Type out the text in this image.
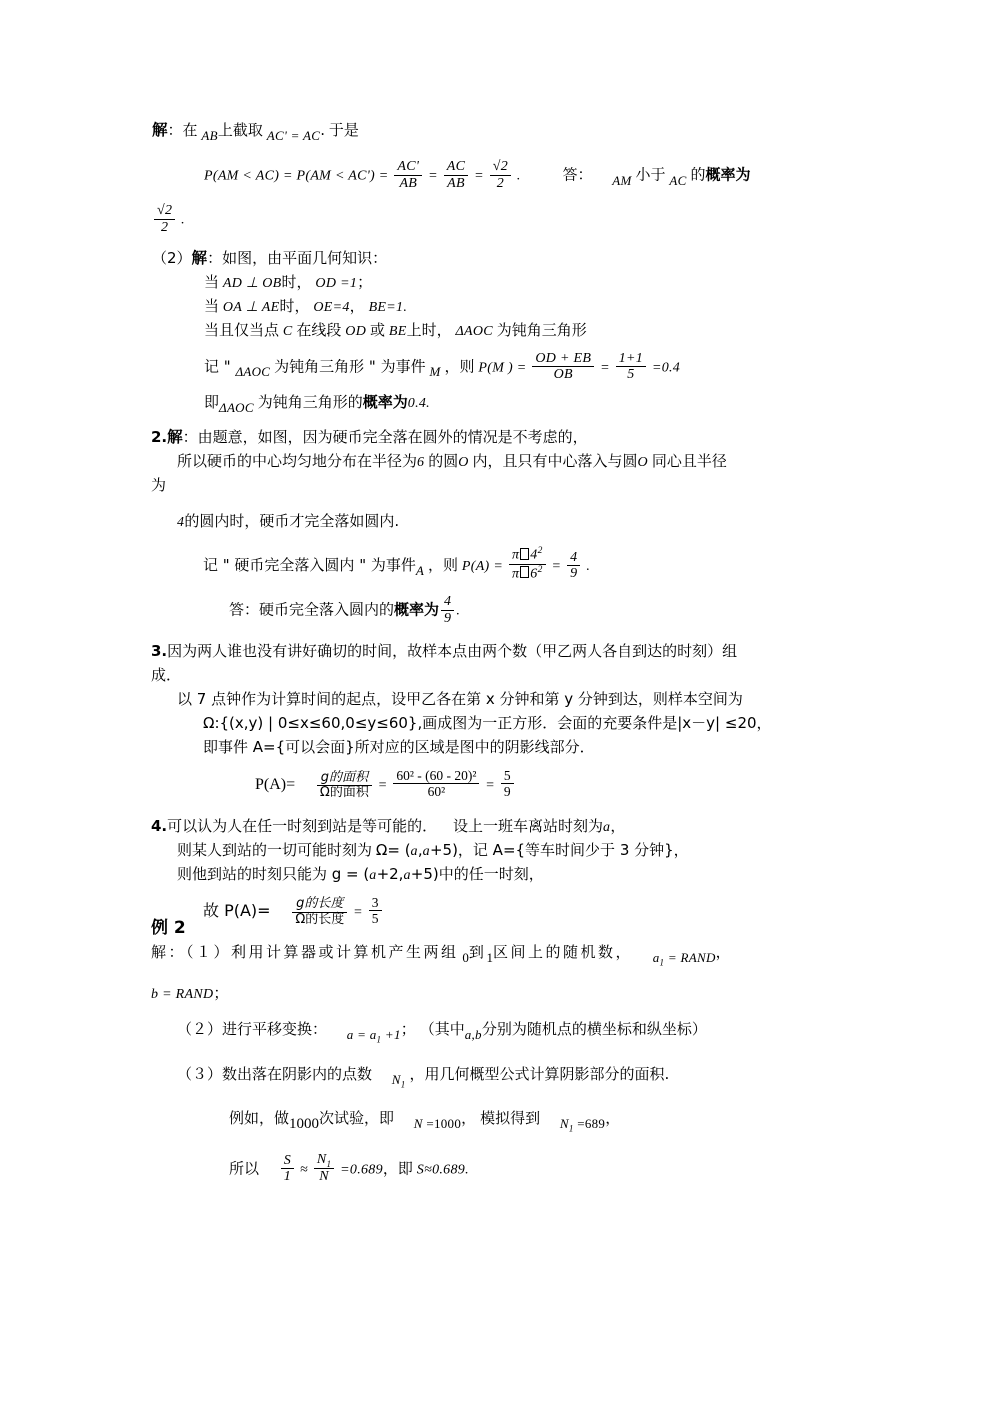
解：在 $_{AB}$上截取 $_{AC' = AC}$. 于是
$P(AM < AC) = P(AM < AC') = \frac{AC'}{AB} = \frac{AC}{AB} = \frac{√2}{2}$ .	答： $_{AM}$ 小于 $_{AC}$ 的概率为
$\frac{√2}{2}$ .
（2）解：如图，由平面几何知识：
当 AD ⊥ OB时， OD =1；
当 OA ⊥ AE时， OE=4， BE=1.
当且仅当点 C 在线段 OD 或 BE上时， ΔAOC 为钝角三角形
记 " $_{\Delta AOC}$ 为钝角三角形 " 为事件 $_M$ ，则 P(M ) = $\frac{OD + EB}{OB} = \frac{1+1}{5} =0.4$
即$_{\Delta AOC}$ 为钝角三角形的概率为0.4.
2.解：由题意，如图，因为硬币完全落在圆外的情况是不考虑的，
所以硬币的中心均匀地分布在半径为6 的圆O 内，且只有中心落入与圆O 同心且半径
为
4的圆内时，硬币才完全落如圆内.
记 " 硬币完全落入圆内 " 为事件$_A$ ，则 $P(A) = \frac{\pi 4^2}{\pi 6^2} = \frac{4}{9}$ .
答：硬币完全落入圆内的概率为 $\frac{4}{9}$ .
3.因为两人谁也没有讲好确切的时间，故样本点由两个数（甲乙两人各自到达的时刻）组
成．
以 7 点钟作为计算时间的起点，设甲乙各在第 x 分钟和第 y 分钟到达，则样本空间为
Ω:{(x,y) | 0≤x≤60,0≤y≤60},画成图为一正方形．会面的充要条件是|x－y| ≤20，
即事件 A={可以会面}所对应的区域是图中的阴影线部分．
$P(A)= \frac{\text{g的面积}}{\text{Ω的面积}} = \frac{\text{60² - (60 - 20)²}}{\text{60²}} = \frac{5}{9}$
4.可以认为人在任一时刻到站是等可能的． 设上一班车离站时刻为a，
则某人到站的一切可能时刻为 Ω= (a,a+5)，记 A={等车时间少于 3 分钟}，
则他到站的时刻只能为 g = (a+2,a+5)中的任一时刻，
故 $P(A)= \frac{\text{g的长度}}{\text{Ω的长度}} = \frac{3}{5}$
例 2
解：（１）利用计算器或计算机产生两组 $_0$到$_1$区间上的随机数， $_{a_1 = RAND}$，
b = RAND；
（２）进行平移变换： $_{a = a_1 +1}$； （其中$_{a,b}$分别为随机点的横坐标和纵坐标）
（３）数出落在阴影内的点数 $_{N_1}$ ，用几何概型公式计算阴影部分的面积.
例如，做1000次试验，即 $_{N =1000}$， 模拟得到 $_{N_1 =689}$，
所以 $\frac{S}{1} \approx \frac{N_1}{N} =0.689$，即 S≈0.689.
